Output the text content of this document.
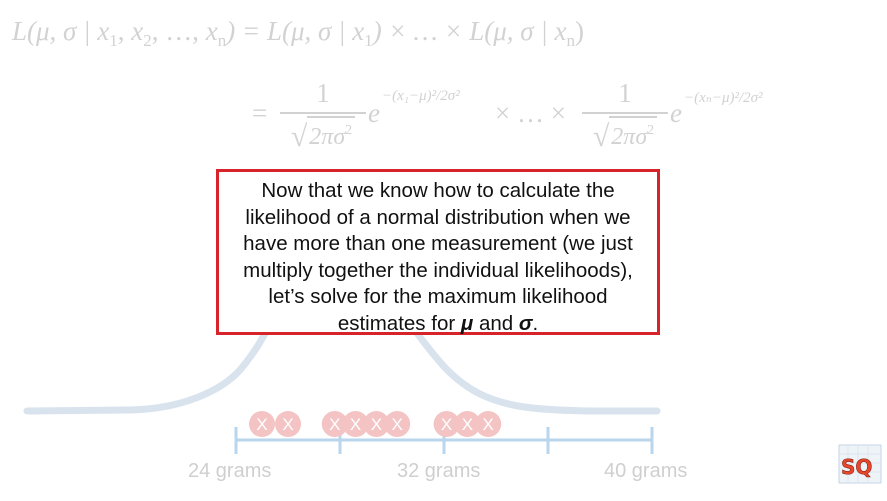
L(μ, σ | $x_1$, $x_2$, …, $x_n) = L(\mu$, σ | $x_1$) × … × L(μ, σ | $x_n$)
=
1
$√2\pi\sigma^2$
e
−(x₁−μ)²/2σ²
× … ×
1
$√2\pi\sigma^2$
e −(xₙ−μ)²/2σ²
X X X X X X X X X
24 grams	32 grams	40 grams
Now that we know how to calculate the
likelihood of a normal distribution when we
have more than one measurement (we just
multiply together the individual likelihoods),
let’s solve for the maximum likelihood
estimates for μ and σ.
SQ
